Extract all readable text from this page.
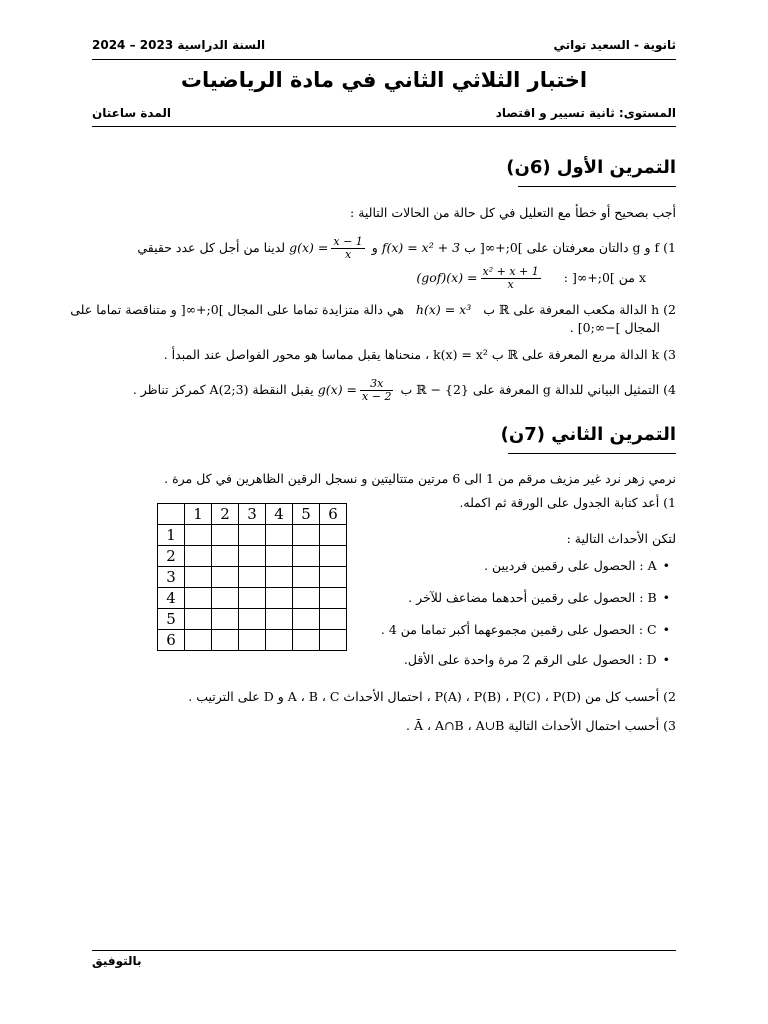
ثانوية - السعيد تواتي
السنة الدراسية 2023 – 2024
اختبار الثلاثي الثاني في مادة الرياضيات
المستوى: ثانية تسيير و اقتصاد
المدة ساعتان
التمرين الأول (6ن)
أجب بصحيح أو خطأ مع التعليل في كل حالة من الحالات التالية :
1) f و g دالتان معرفتان على ]0;+∞[ ب f(x) = x² + 3 و $g(x) = \frac{x - 1}{x}$
لدينا من أجل كل عدد حقيقي
x من ]0;+∞[ : $(gof)(x) = \frac{\text{x² + x + 1}}{x}$
2) h الدالة مكعب المعرفة على ℝ ب h(x) = x³ هي دالة متزايدة تماما على المجال ]0;+∞[ و متناقصة تماما على
المجال ]−∞;0] .
3) k الدالة مربع المعرفة على ℝ ب k(x) = x² ، منحناها يقبل مماسا هو محور الفواصل عند المبدأ .
4) التمثيل البياني للدالة g المعرفة على ℝ − {2} ب $g(x) = \frac{3x}{x - 2}$
يقبل النقطة A(2;3) كمركز تناظر .
التمرين الثاني (7ن)
نرمي زهر نرد غير مزيف مرقم من 1 الى 6 مرتين متتاليتين و نسجل الرقين الظاهرين في كل مرة .
1) أعد كتابة الجدول على الورقة ثم اكمله.
	1	2	3	4	5	6
1						
2						
3						
4						
5						
6						
لتكن الأحداث التالية :
•A : الحصول على رقمين فرديين .
•B : الحصول على رقمين أحدهما مضاعف للآخر .
•C : الحصول على رقمين مجموعهما أكبر تماما من 4 .
•D : الحصول على الرقم 2 مرة واحدة على الأقل.
2) أحسب كل من P(A) ، P(B) ، P(C) ، P(D) ، احتمال الأحداث A ، B ، C و D على الترتيب .
3) أحسب احتمال الأحداث التالية Ā ، A∩B ، A∪B .
بالتوفيق
